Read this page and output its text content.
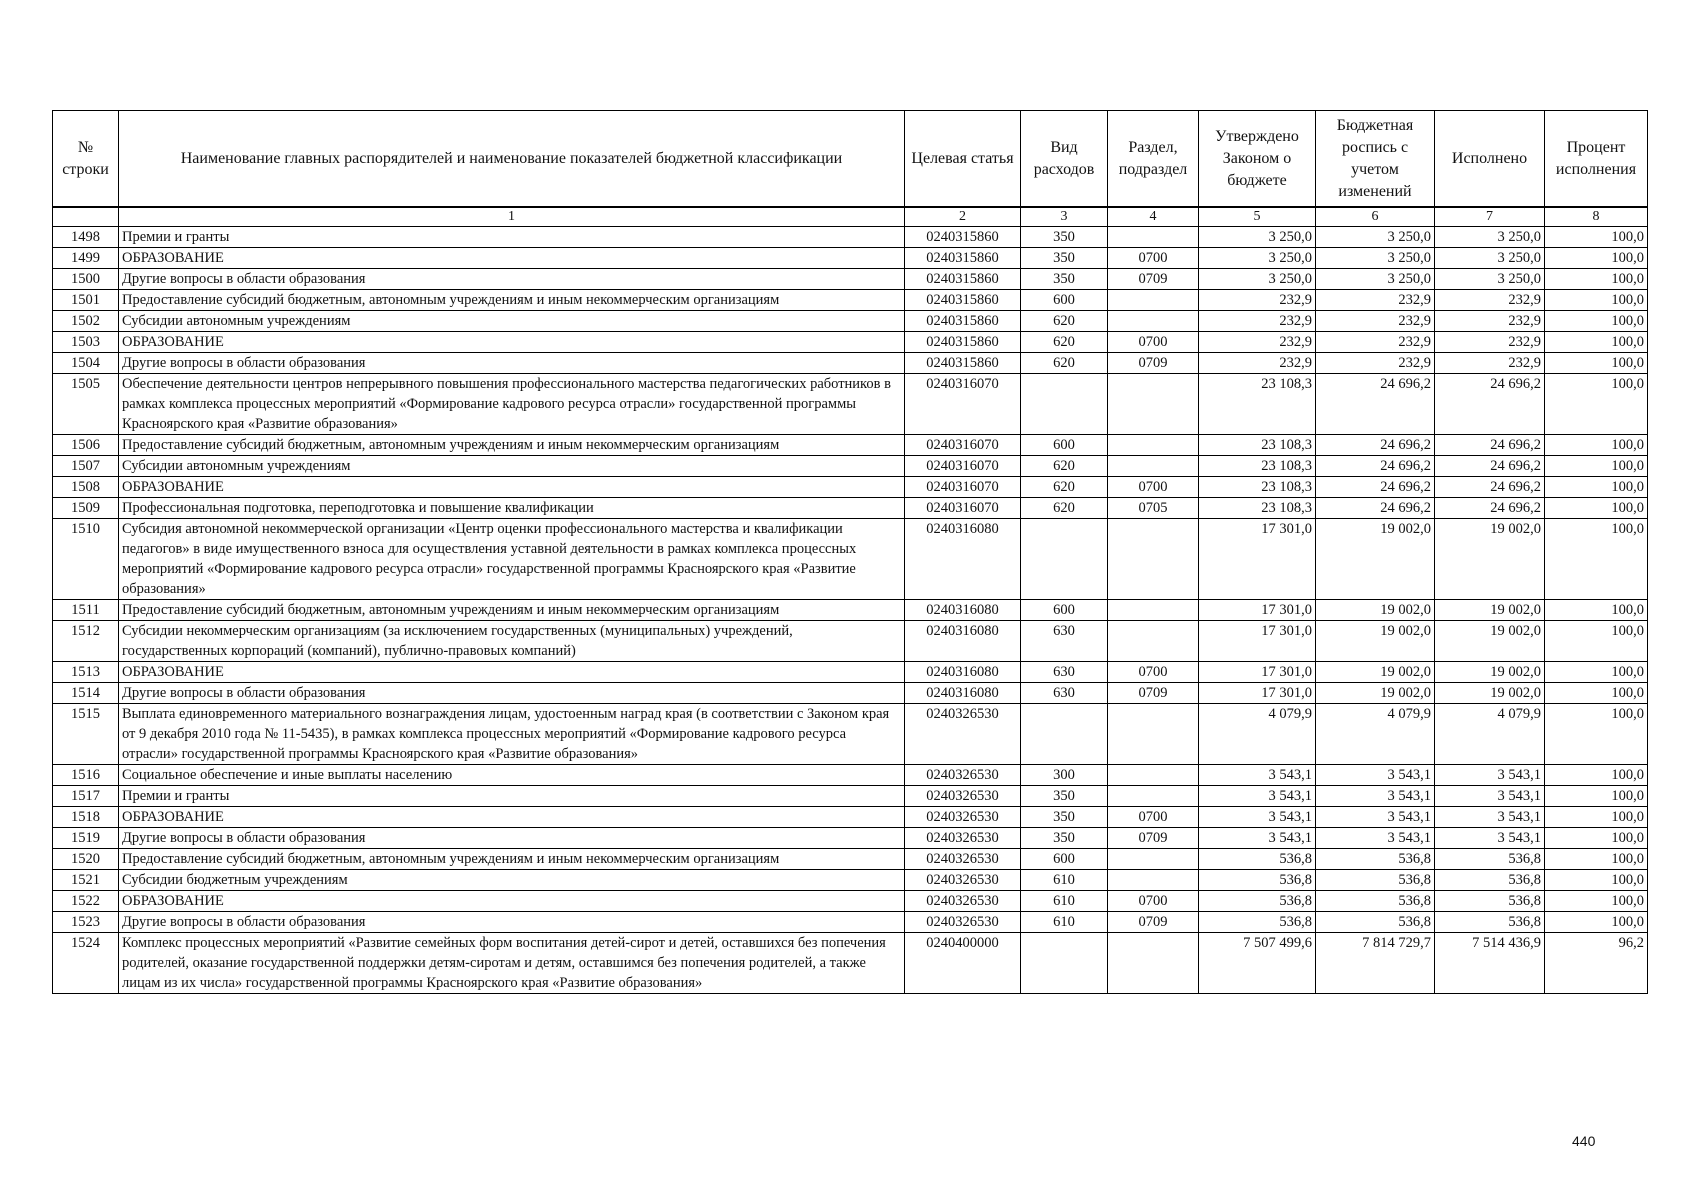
№ строки	Наименование главных распорядителей и наименование показателей бюджетной классификации	Целевая статья	Вид расходов	Раздел, подраздел	Утверждено Законом о бюджете	Бюджетная роспись с учетом изменений	Исполнено	Процент исполнения
	1	2	3	4	5	6	7	8
1498	Премии и гранты	0240315860	350		3 250,0	3 250,0	3 250,0	100,0
1499	ОБРАЗОВАНИЕ	0240315860	350	0700	3 250,0	3 250,0	3 250,0	100,0
1500	Другие вопросы в области образования	0240315860	350	0709	3 250,0	3 250,0	3 250,0	100,0
1501	Предоставление субсидий бюджетным, автономным учреждениям и иным некоммерческим организациям	0240315860	600		232,9	232,9	232,9	100,0
1502	Субсидии автономным учреждениям	0240315860	620		232,9	232,9	232,9	100,0
1503	ОБРАЗОВАНИЕ	0240315860	620	0700	232,9	232,9	232,9	100,0
1504	Другие вопросы в области образования	0240315860	620	0709	232,9	232,9	232,9	100,0
1505	Обеспечение деятельности центров непрерывного повышения профессионального мастерства педагогических работников в рамках комплекса процессных мероприятий «Формирование кадрового ресурса отрасли» государственной программы Красноярского края «Развитие образования»	0240316070			23 108,3	24 696,2	24 696,2	100,0
1506	Предоставление субсидий бюджетным, автономным учреждениям и иным некоммерческим организациям	0240316070	600		23 108,3	24 696,2	24 696,2	100,0
1507	Субсидии автономным учреждениям	0240316070	620		23 108,3	24 696,2	24 696,2	100,0
1508	ОБРАЗОВАНИЕ	0240316070	620	0700	23 108,3	24 696,2	24 696,2	100,0
1509	Профессиональная подготовка, переподготовка и повышение квалификации	0240316070	620	0705	23 108,3	24 696,2	24 696,2	100,0
1510	Субсидия автономной некоммерческой организации «Центр оценки профессионального мастерства и квалификации педагогов» в виде имущественного взноса для осуществления уставной деятельности в рамках комплекса процессных мероприятий «Формирование кадрового ресурса отрасли» государственной программы Красноярского края «Развитие образования»	0240316080			17 301,0	19 002,0	19 002,0	100,0
1511	Предоставление субсидий бюджетным, автономным учреждениям и иным некоммерческим организациям	0240316080	600		17 301,0	19 002,0	19 002,0	100,0
1512	Субсидии некоммерческим организациям (за исключением государственных (муниципальных) учреждений, государственных корпораций (компаний), публично-правовых компаний)	0240316080	630		17 301,0	19 002,0	19 002,0	100,0
1513	ОБРАЗОВАНИЕ	0240316080	630	0700	17 301,0	19 002,0	19 002,0	100,0
1514	Другие вопросы в области образования	0240316080	630	0709	17 301,0	19 002,0	19 002,0	100,0
1515	Выплата единовременного материального вознаграждения лицам, удостоенным наград края (в соответствии с Законом края от 9 декабря 2010 года № 11-5435), в рамках комплекса процессных мероприятий «Формирование кадрового ресурса отрасли» государственной программы Красноярского края «Развитие образования»	0240326530			4 079,9	4 079,9	4 079,9	100,0
1516	Социальное обеспечение и иные выплаты населению	0240326530	300		3 543,1	3 543,1	3 543,1	100,0
1517	Премии и гранты	0240326530	350		3 543,1	3 543,1	3 543,1	100,0
1518	ОБРАЗОВАНИЕ	0240326530	350	0700	3 543,1	3 543,1	3 543,1	100,0
1519	Другие вопросы в области образования	0240326530	350	0709	3 543,1	3 543,1	3 543,1	100,0
1520	Предоставление субсидий бюджетным, автономным учреждениям и иным некоммерческим организациям	0240326530	600		536,8	536,8	536,8	100,0
1521	Субсидии бюджетным учреждениям	0240326530	610		536,8	536,8	536,8	100,0
1522	ОБРАЗОВАНИЕ	0240326530	610	0700	536,8	536,8	536,8	100,0
1523	Другие вопросы в области образования	0240326530	610	0709	536,8	536,8	536,8	100,0
1524	Комплекс процессных мероприятий «Развитие семейных форм воспитания детей-сирот и детей, оставшихся без попечения родителей, оказание государственной поддержки детям-сиротам и детям, оставшимся без попечения родителей, а также лицам из их числа» государственной программы Красноярского края «Развитие образования»	0240400000			7 507 499,6	7 814 729,7	7 514 436,9	96,2
440
